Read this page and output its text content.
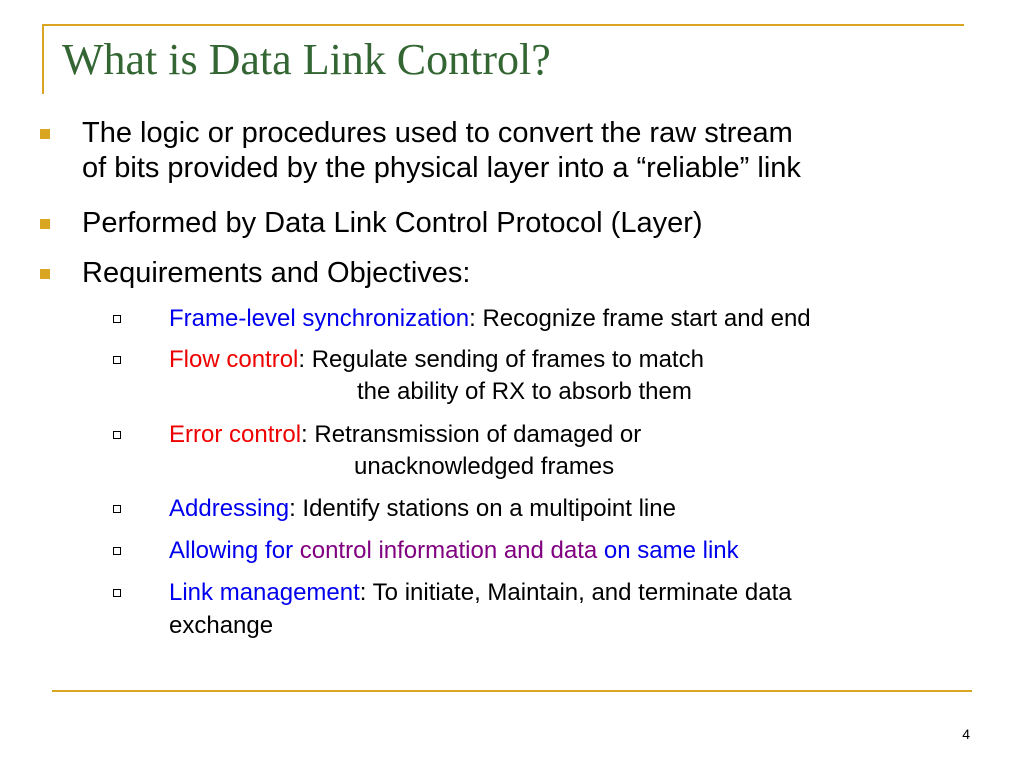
What is Data Link Control?
The logic or procedures used to convert the raw stream
of bits provided by the physical layer into a “reliable” link
Performed by Data Link Control Protocol (Layer)
Requirements and Objectives:
Frame-level synchronization: Recognize frame start and end
Flow control: Regulate sending of frames to match
the ability of RX to absorb them
Error control: Retransmission of damaged or
unacknowledged frames
Addressing: Identify stations on a multipoint line
Allowing for control information and data on same link
Link management: To initiate, Maintain, and terminate data
exchange
4
